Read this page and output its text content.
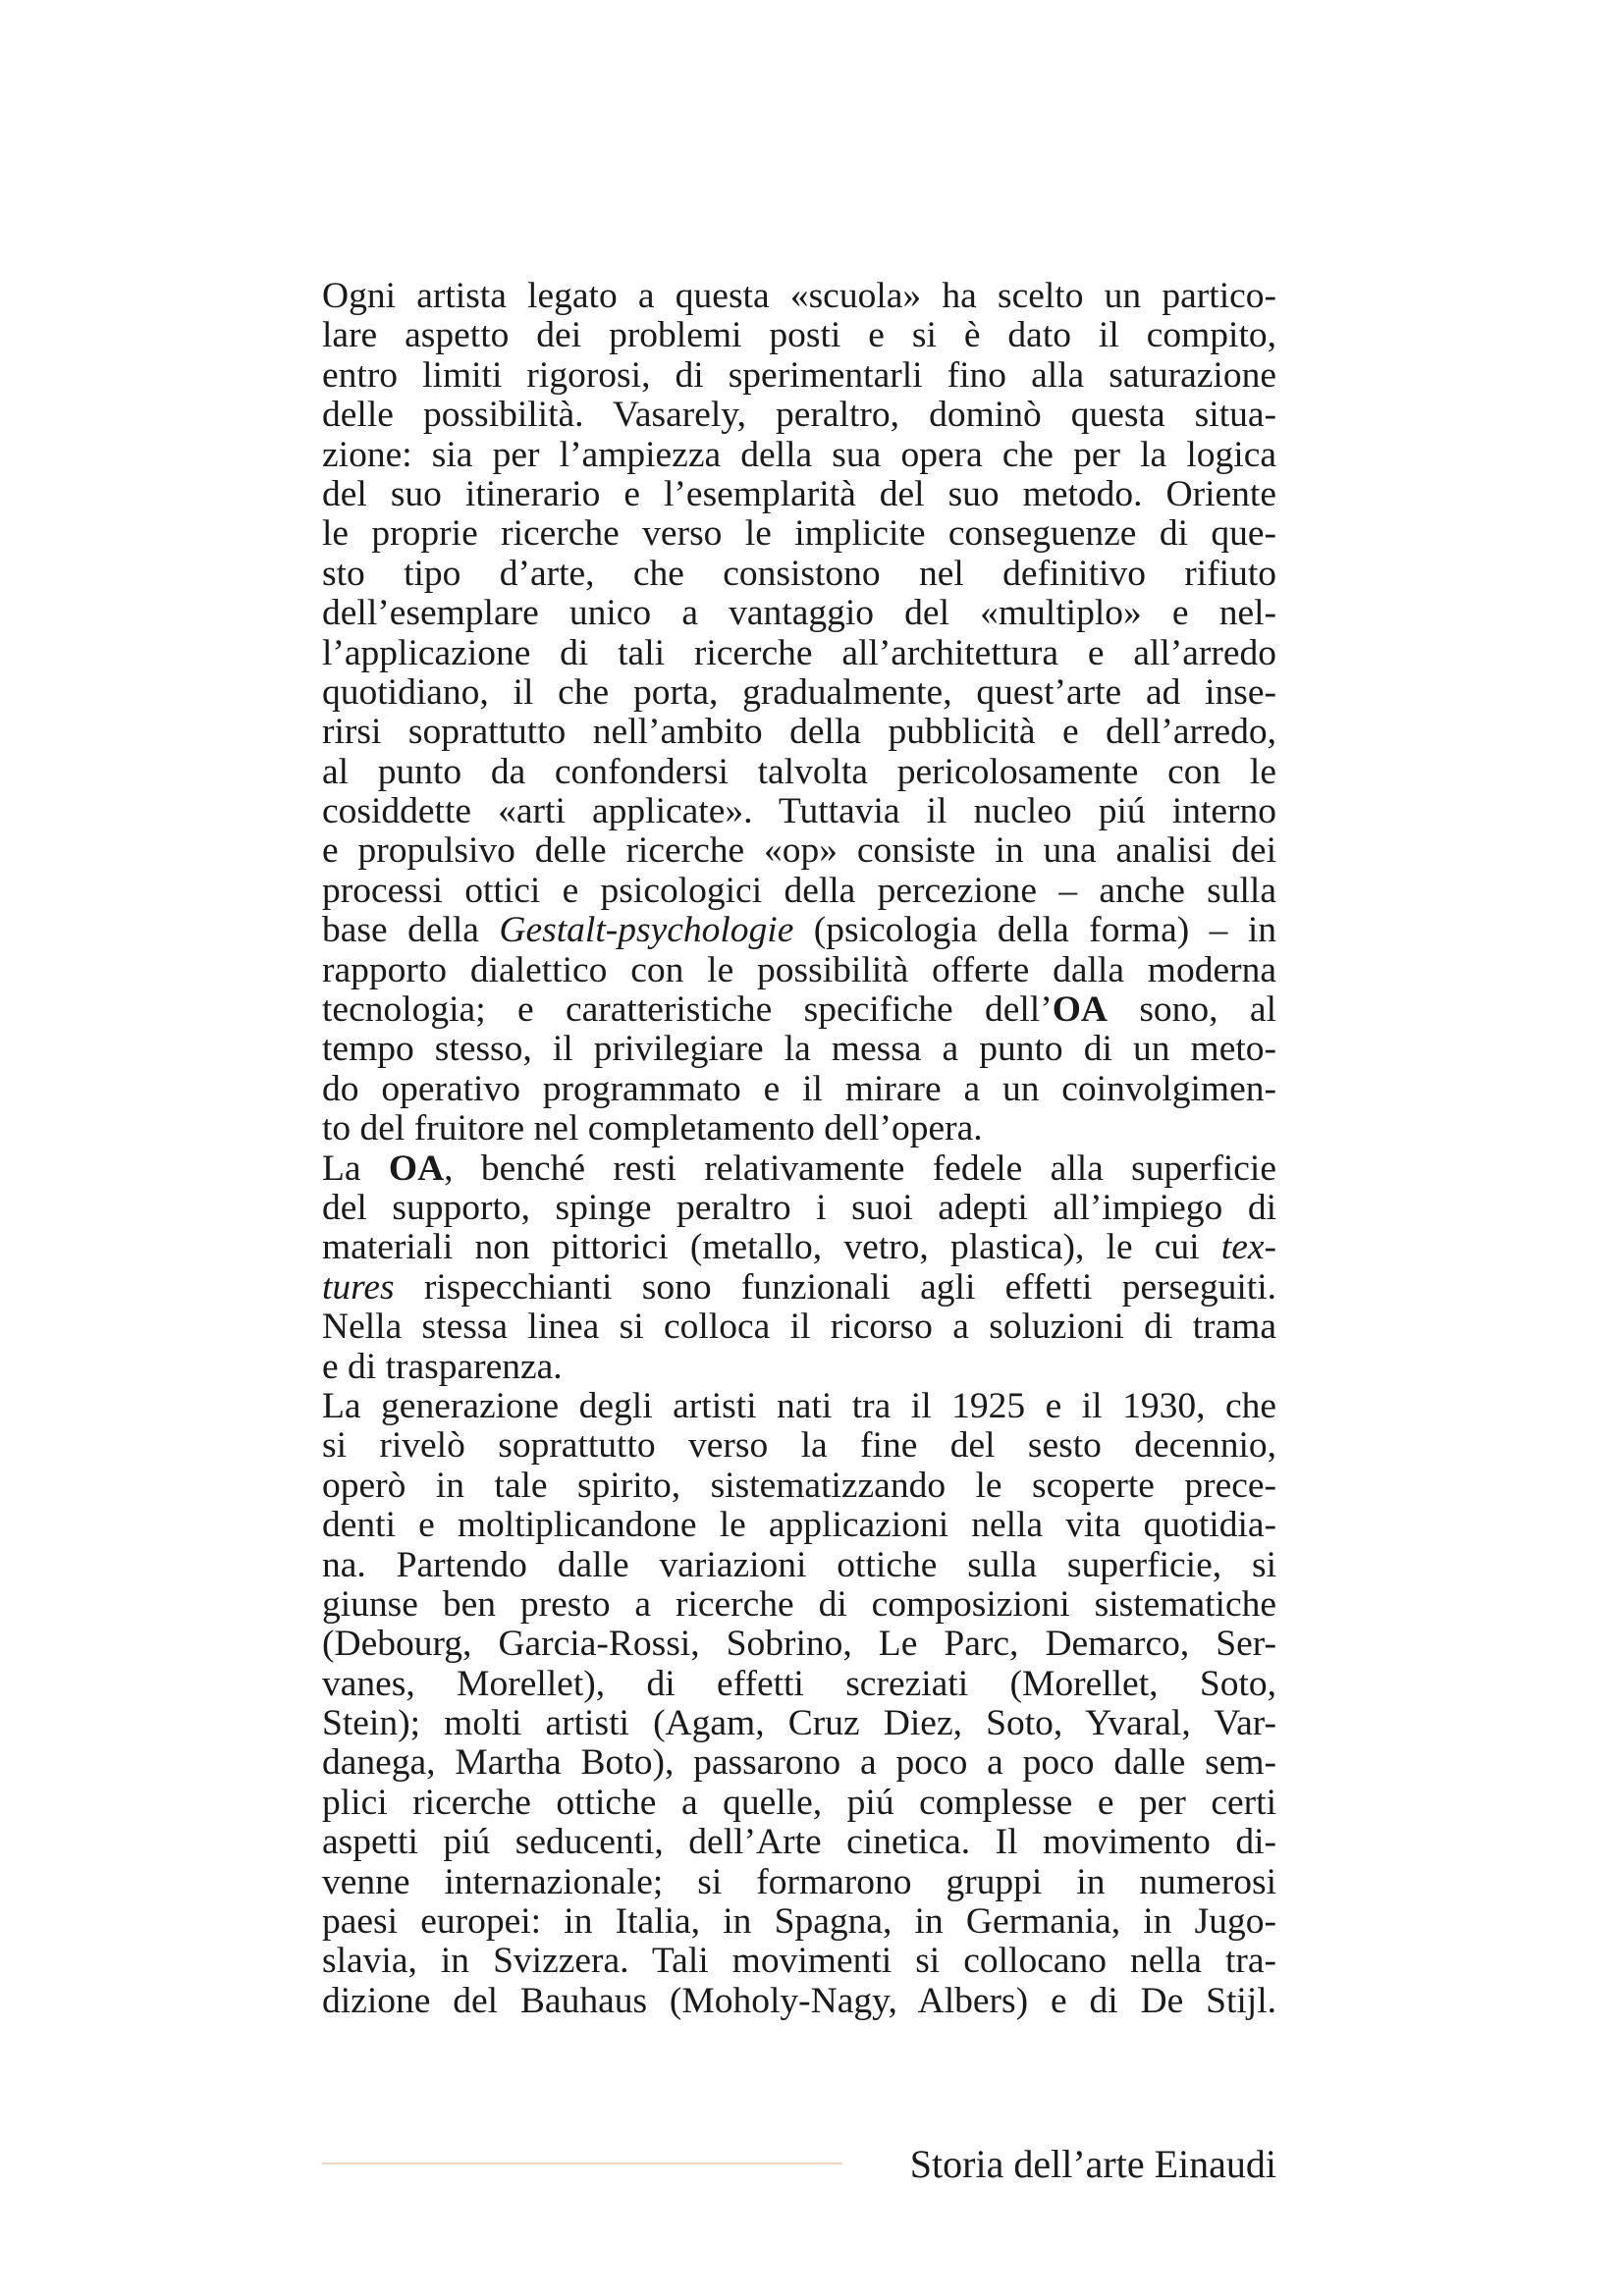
Ogni artista legato a questa «scuola» ha scelto un partico-
lare aspetto dei problemi posti e si è dato il compito,
entro limiti rigorosi, di sperimentarli fino alla saturazione
delle possibilità. Vasarely, peraltro, dominò questa situa-
zione: sia per l’ampiezza della sua opera che per la logica
del suo itinerario e l’esemplarità del suo metodo. Oriente
le proprie ricerche verso le implicite conseguenze di que-
sto tipo d’arte, che consistono nel definitivo rifiuto
dell’esemplare unico a vantaggio del «multiplo» e nel-
l’applicazione di tali ricerche all’architettura e all’arredo
quotidiano, il che porta, gradualmente, quest’arte ad inse-
rirsi soprattutto nell’ambito della pubblicità e dell’arredo,
al punto da confondersi talvolta pericolosamente con le
cosiddette «arti applicate». Tuttavia il nucleo piú interno
e propulsivo delle ricerche «op» consiste in una analisi dei
processi ottici e psicologici della percezione – anche sulla
base della Gestalt-psychologie (psicologia della forma) – in
rapporto dialettico con le possibilità offerte dalla moderna
tecnologia; e caratteristiche specifiche dell’OA sono, al
tempo stesso, il privilegiare la messa a punto di un meto-
do operativo programmato e il mirare a un coinvolgimen-
to del fruitore nel completamento dell’opera.
La OA, benché resti relativamente fedele alla superficie
del supporto, spinge peraltro i suoi adepti all’impiego di
materiali non pittorici (metallo, vetro, plastica), le cui tex-
tures rispecchianti sono funzionali agli effetti perseguiti.
Nella stessa linea si colloca il ricorso a soluzioni di trama
e di trasparenza.
La generazione degli artisti nati tra il 1925 e il 1930, che
si rivelò soprattutto verso la fine del sesto decennio,
operò in tale spirito, sistematizzando le scoperte prece-
denti e moltiplicandone le applicazioni nella vita quotidia-
na. Partendo dalle variazioni ottiche sulla superficie, si
giunse ben presto a ricerche di composizioni sistematiche
(Debourg, Garcia-Rossi, Sobrino, Le Parc, Demarco, Ser-
vanes, Morellet), di effetti screziati (Morellet, Soto,
Stein); molti artisti (Agam, Cruz Diez, Soto, Yvaral, Var-
danega, Martha Boto), passarono a poco a poco dalle sem-
plici ricerche ottiche a quelle, piú complesse e per certi
aspetti piú seducenti, dell’Arte cinetica. Il movimento di-
venne internazionale; si formarono gruppi in numerosi
paesi europei: in Italia, in Spagna, in Germania, in Jugo-
slavia, in Svizzera. Tali movimenti si collocano nella tra-
dizione del Bauhaus (Moholy-Nagy, Albers) e di De Stijl.
Storia dell’arte Einaudi
